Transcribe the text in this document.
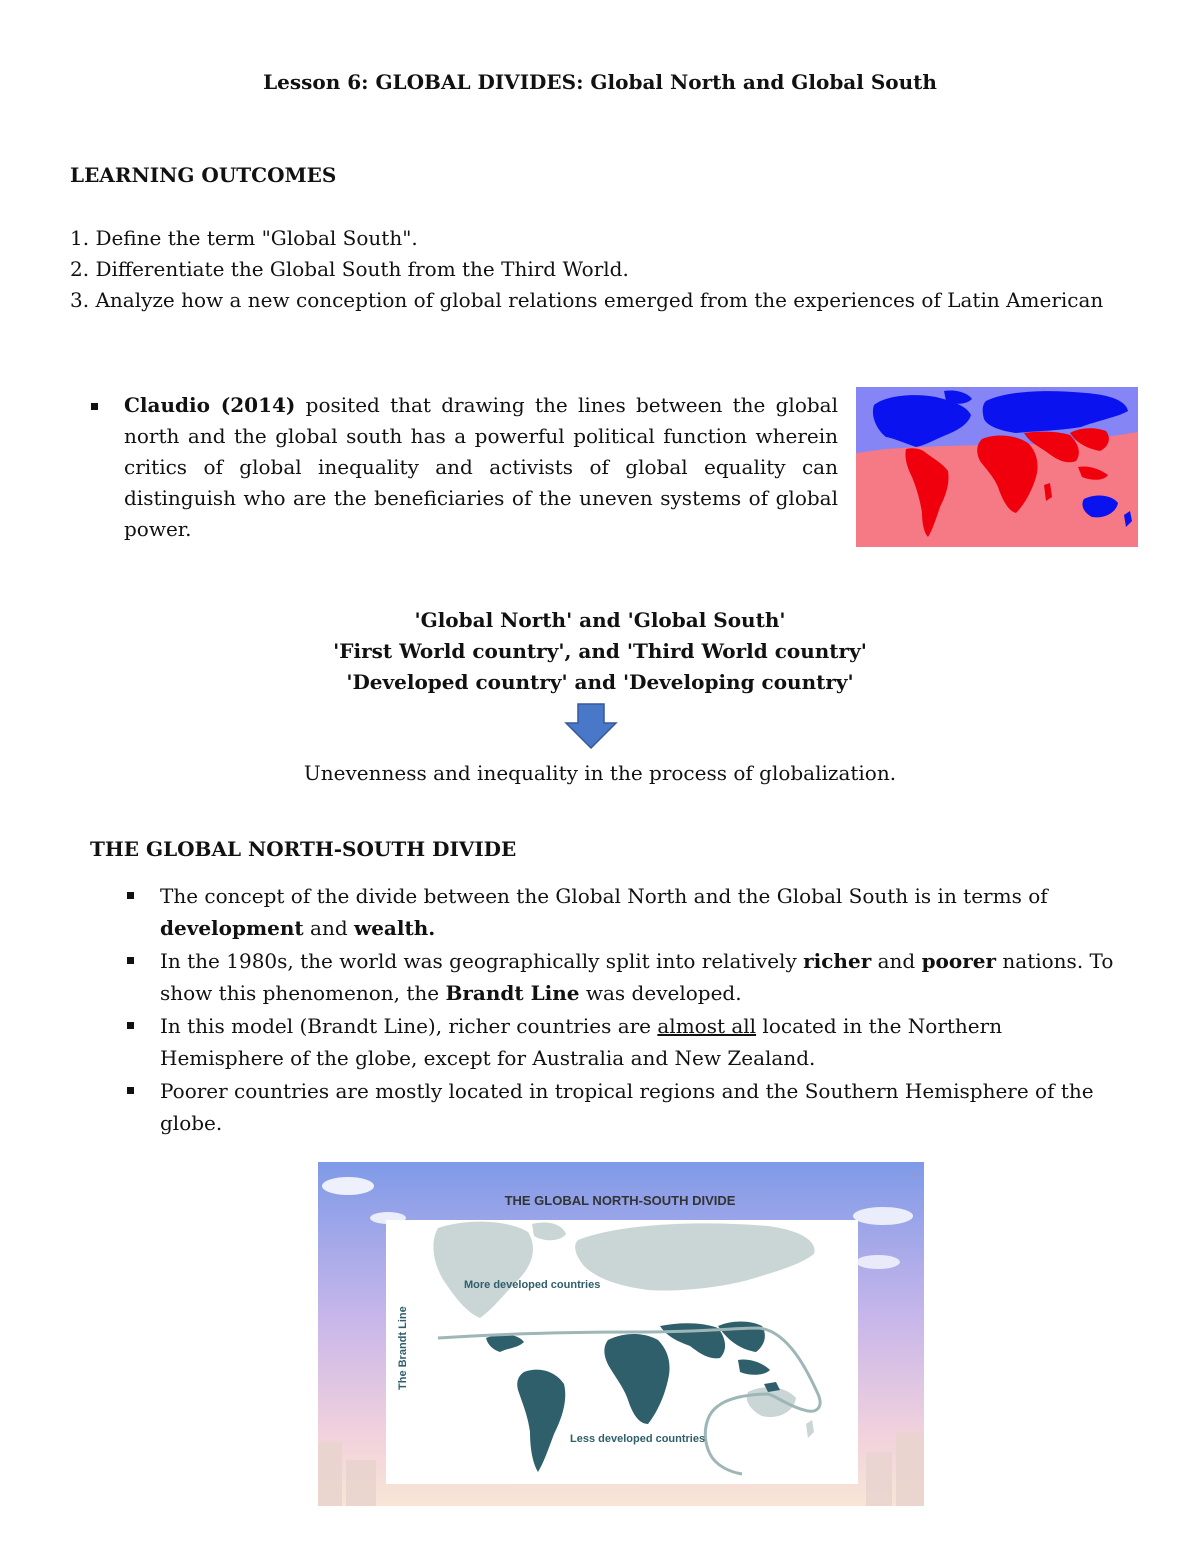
Lesson 6: GLOBAL DIVIDES: Global North and Global South
LEARNING OUTCOMES
1. Define the term "Global South".
2. Differentiate the Global South from the Third World.
3. Analyze how a new conception of global relations emerged from the experiences of Latin American
Claudio (2014) posited that drawing the lines between the global north and the global south has a powerful political function wherein critics of global inequality and activists of global equality can distinguish who are the beneficiaries of the uneven systems of global power.
'Global North' and 'Global South'
'First World country', and 'Third World country'
'Developed country' and 'Developing country'
Unevenness and inequality in the process of globalization.
THE GLOBAL NORTH-SOUTH DIVIDE
The concept of the divide between the Global North and the Global South is in terms of development and wealth.
In the 1980s, the world was geographically split into relatively richer and poorer nations. To show this phenomenon, the Brandt Line was developed.
In this model (Brandt Line), richer countries are almost all located in the Northern Hemisphere of the globe, except for Australia and New Zealand.
Poorer countries are mostly located in tropical regions and the Southern Hemisphere of the globe.
THE GLOBAL NORTH-SOUTH DIVIDE
7
More developed countries
Less developed countries
The Brandt Line
